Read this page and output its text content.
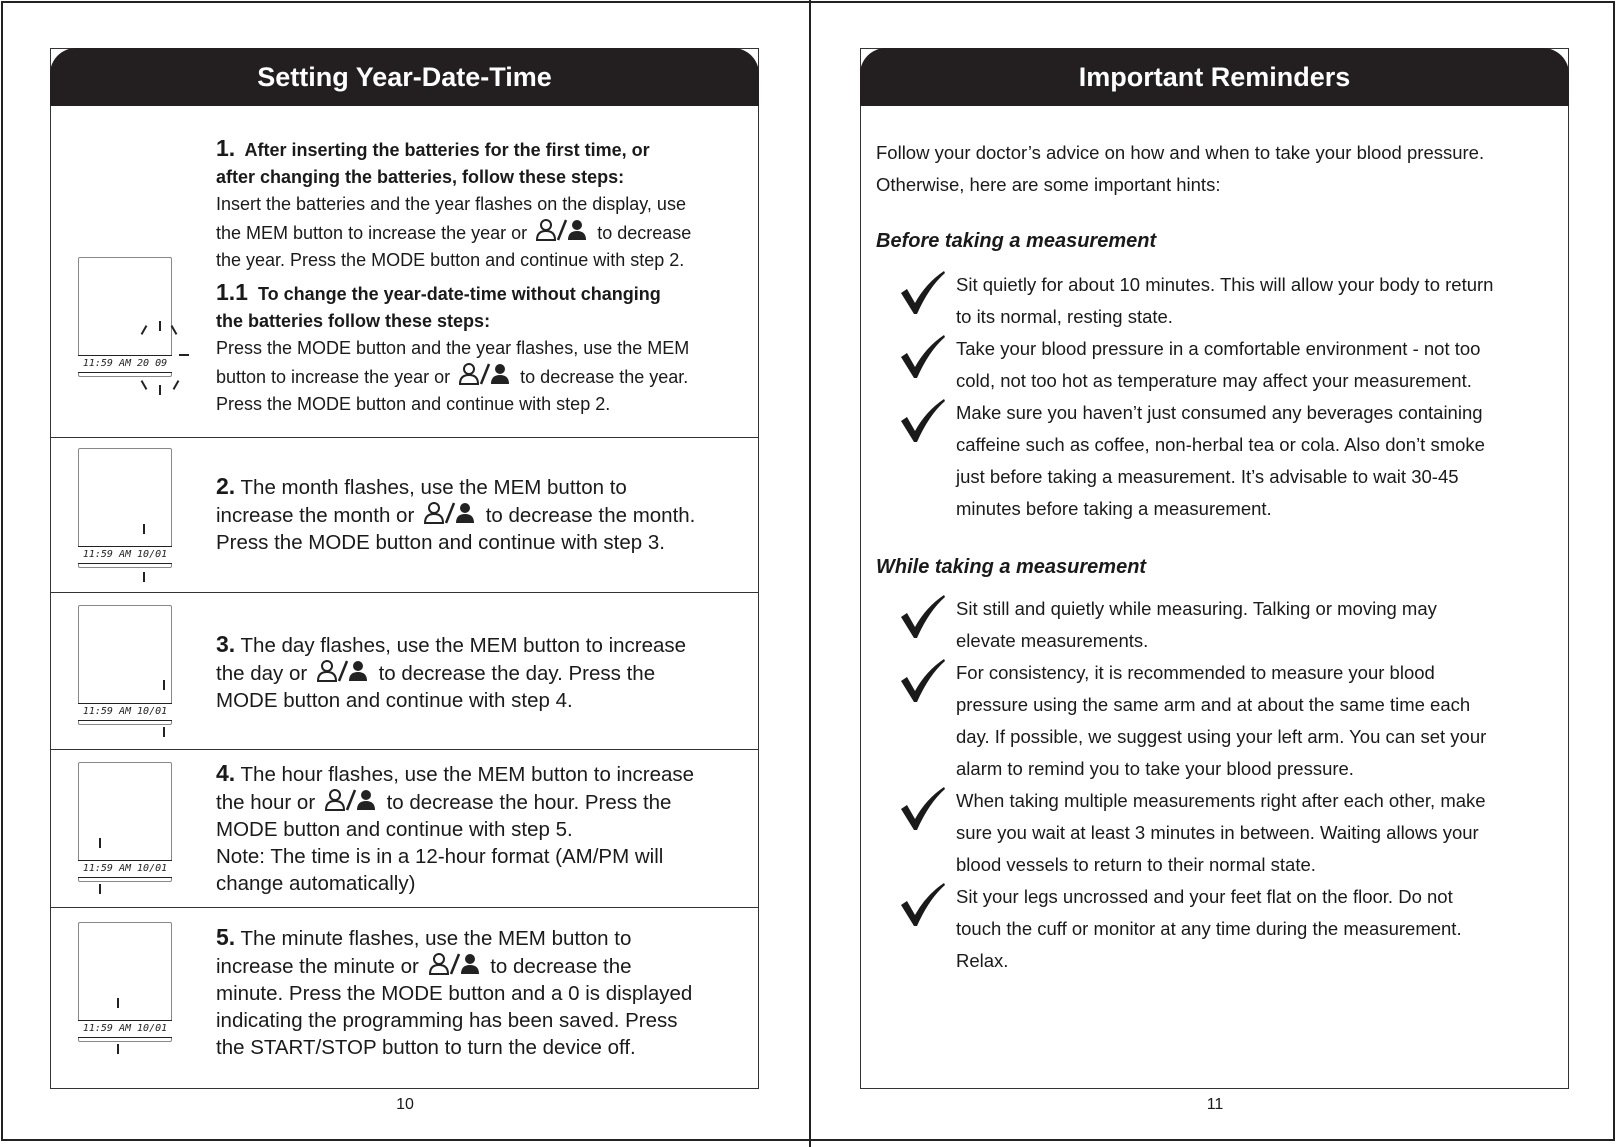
Setting Year-Date-Time
11:59 AM 20 09
1. After inserting the batteries for the first time, or
after changing the batteries, follow these steps:
Insert the batteries and the year flashes on the display, use
the MEM button to increase the year or	to decrease
the year. Press the MODE button and continue with step 2.
1.1 To change the year-date-time without changing
the batteries follow these steps:
Press the MODE button and the year flashes, use the MEM
button to increase the year or	to decrease the year.
Press the MODE button and continue with step 2.
11:59 AM 10/01
2. The month flashes, use the MEM button to
increase the month or	to decrease the month.
Press the MODE button and continue with step 3.
11:59 AM 10/01
3. The day flashes, use the MEM button to increase
the day or	to decrease the day. Press the
MODE button and continue with step 4.
11:59 AM 10/01
4. The hour flashes, use the MEM button to increase
the hour or	to decrease the hour. Press the
MODE button and continue with step 5.
Note: The time is in a 12-hour format (AM/PM will
change automatically)
11:59 AM 10/01
5. The minute flashes, use the MEM button to
increase the minute or	to decrease the
minute. Press the MODE button and a 0 is displayed
indicating the programming has been saved. Press
the START/STOP button to turn the device off.
10
Important Reminders
Follow your doctor’s advice on how and when to take your blood pressure.
Otherwise, here are some important hints:
Before taking a measurement
Sit quietly for about 10 minutes. This will allow your body to return
to its normal, resting state.
Take your blood pressure in a comfortable environment - not too
cold, not too hot as temperature may affect your measurement.
Make sure you haven’t just consumed any beverages containing
caffeine such as coffee, non-herbal tea or cola. Also don’t smoke
just before taking a measurement. It’s advisable to wait 30-45
minutes before taking a measurement.
While taking a measurement
Sit still and quietly while measuring. Talking or moving may
elevate measurements.
For consistency, it is recommended to measure your blood
pressure using the same arm and at about the same time each
day. If possible, we suggest using your left arm. You can set your
alarm to remind you to take your blood pressure.
When taking multiple measurements right after each other, make
sure you wait at least 3 minutes in between. Waiting allows your
blood vessels to return to their normal state.
Sit your legs uncrossed and your feet flat on the floor. Do not
touch the cuff or monitor at any time during the measurement.
Relax.
11
